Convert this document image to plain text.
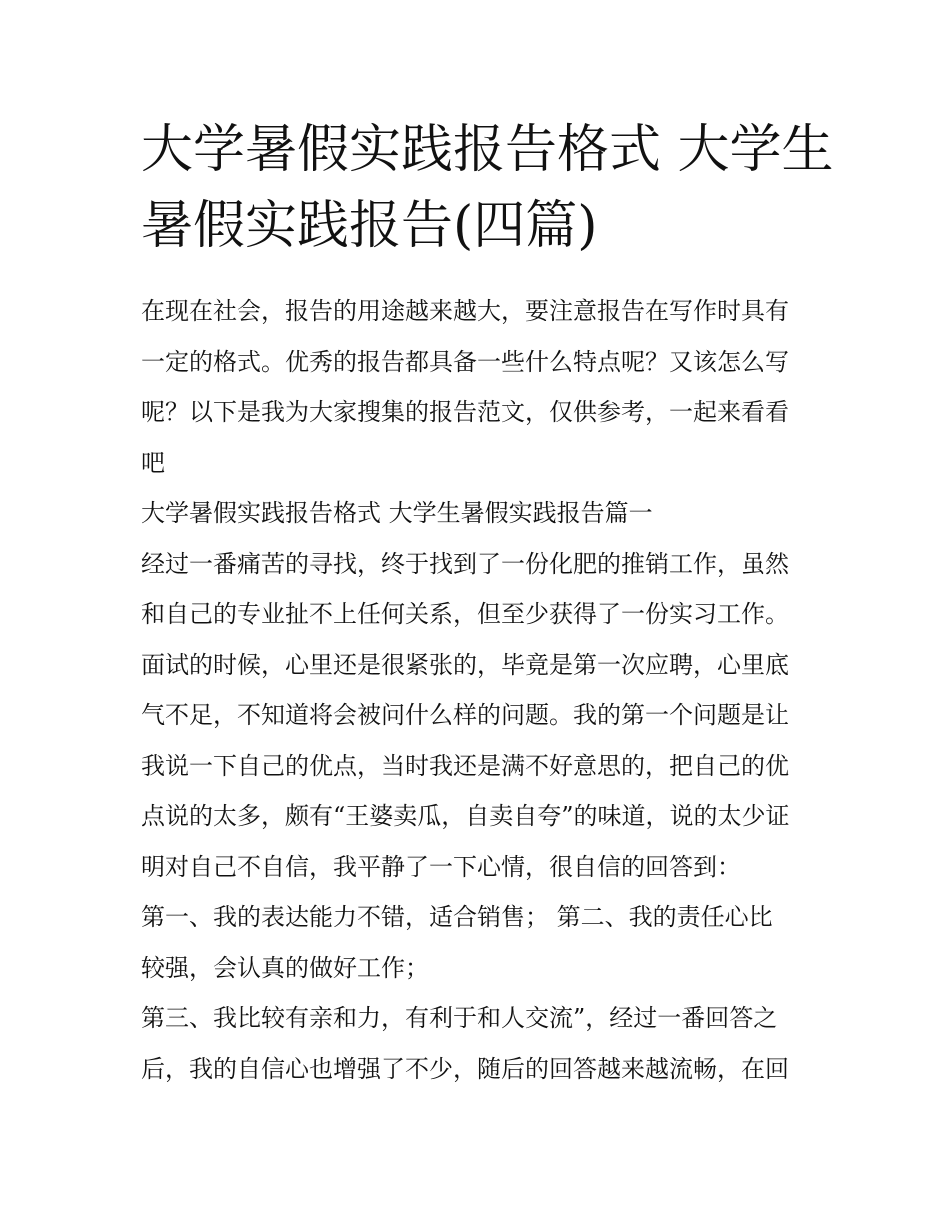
大学暑假实践报告格式 大学生
暑假实践报告(四篇)
在现在社会，报告的用途越来越大，要注意报告在写作时具有
一定的格式。优秀的报告都具备一些什么特点呢？又该怎么写
呢？以下是我为大家搜集的报告范文，仅供参考，一起来看看
吧
大学暑假实践报告格式 大学生暑假实践报告篇一
经过一番痛苦的寻找，终于找到了一份化肥的推销工作，虽然
和自己的专业扯不上任何关系，但至少获得了一份实习工作。
面试的时候，心里还是很紧张的，毕竟是第一次应聘，心里底
气不足，不知道将会被问什么样的问题。我的第一个问题是让
我说一下自己的优点，当时我还是满不好意思的，把自己的优
点说的太多，颇有“王婆卖瓜，自卖自夸”的味道，说的太少证
明对自己不自信，我平静了一下心情，很自信的回答到：
第一、我的表达能力不错，适合销售； 第二、我的责任心比
较强，会认真的做好工作；
第三、我比较有亲和力，有利于和人交流”，经过一番回答之
后，我的自信心也增强了不少，随后的回答越来越流畅，在回
